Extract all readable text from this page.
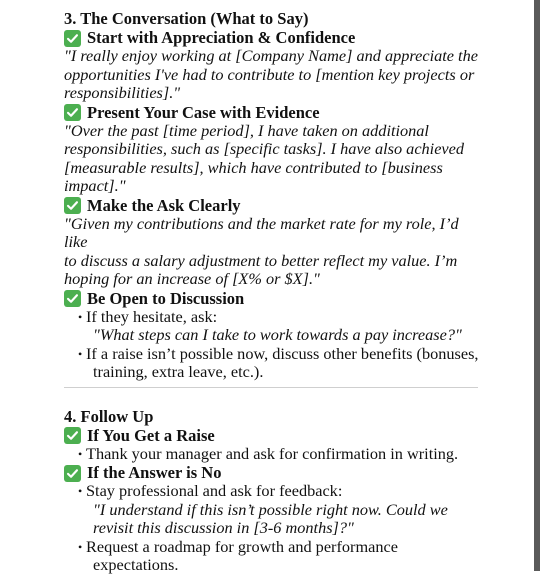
3. The Conversation (What to Say)
Start with Appreciation & Confidence

"I really enjoy working at [Company Name] and appreciate the
opportunities I've had to contribute to [mention key projects or
responsibilities]."

Present Your Case with Evidence

"Over the past [time period], I have taken on additional
responsibilities, such as [specific tasks]. I have also achieved
[measurable results], which have contributed to [business
impact]."

Make the Ask Clearly

"Given my contributions and the market rate for my role, I’d like
to discuss a salary adjustment to better reflect my value. I’m
hoping for an increase of [X% or $X]."

Be Open to Discussion
• If they hesitate, ask:
"What steps can I take to work towards a pay increase?"
• If a raise isn’t possible now, discuss other benefits (bonuses,
training, extra leave, etc.).
4. Follow Up
If You Get a Raise
• Thank your manager and ask for confirmation in writing.
If the Answer is No
• Stay professional and ask for feedback:
"I understand if this isn’t possible right now. Could we
revisit this discussion in [3-6 months]?"
• Request a roadmap for growth and performance
expectations.
